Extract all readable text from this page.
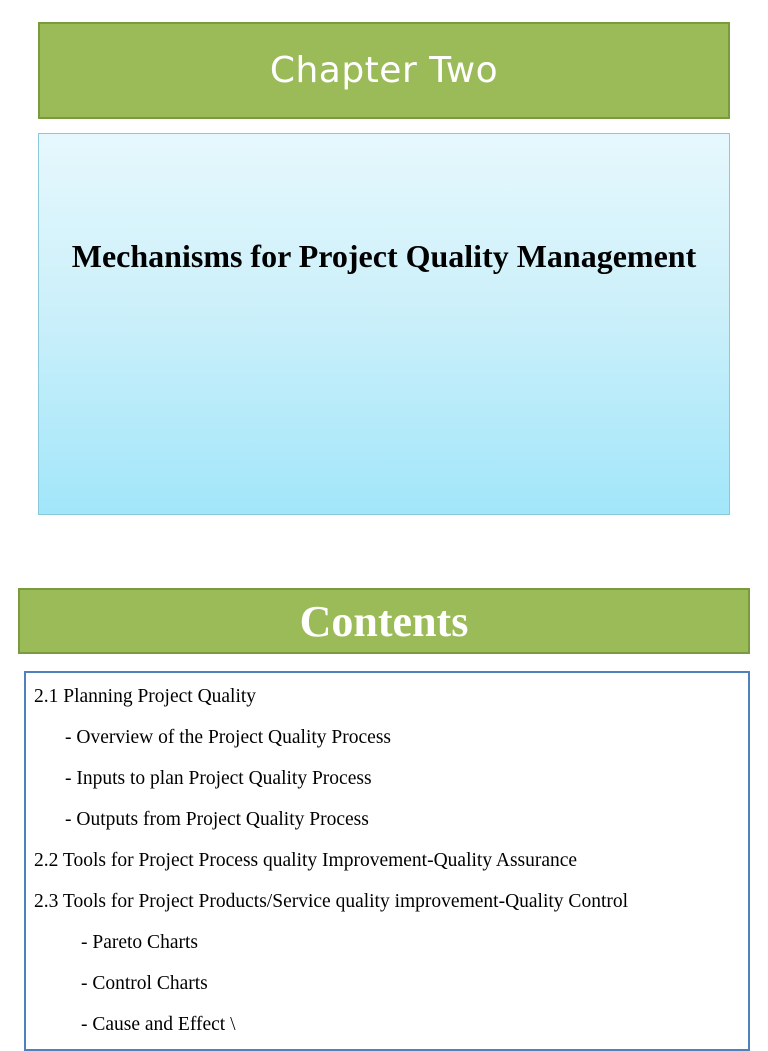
Chapter Two
Mechanisms for Project Quality Management
Contents
2.1 Planning Project Quality
- Overview of the Project Quality Process
- Inputs to plan Project Quality Process
- Outputs from Project Quality Process
2.2 Tools for Project Process quality Improvement-Quality Assurance
2.3 Tools for Project Products/Service quality improvement-Quality Control
- Pareto Charts
- Control Charts
- Cause and Effect \
